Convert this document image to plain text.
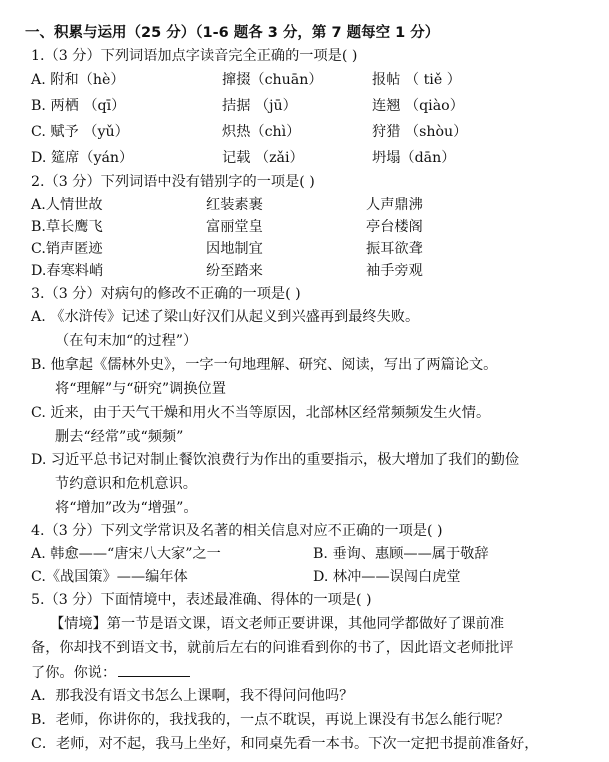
一、积累与运用（25 分）（1-6 题各 3 分，第 7 题每空 1 分）
1.（3 分）下列词语加点字读音完全正确的一项是( )
A. 附和（hè）	撺掇（chuān）	报帖 （ tiě ）
B. 两栖 （qī）	拮据 （jū）	连翘 （qiào）
C. 赋予 （yǔ）	炽热（chì）	狩猎 （shòu）
D. 筵席（yán）	记载 （zǎi）	坍塌（dān）
2.（3 分）下列词语中没有错别字的一项是( )
A.人情世故	红装素裹	人声鼎沸
B.草长鹰飞	富丽堂皇	亭台楼阁
C.销声匿迹	因地制宜	振耳欲聋
D.春寒料峭	纷至踏来	袖手旁观
3.（3 分）对病句的修改不正确的一项是( )
A. 《水浒传》记述了梁山好汉们从起义到兴盛再到最终失败。
（在句末加“的过程”）
B. 他拿起《儒林外史》，一字一句地理解、研究、阅读，写出了两篇论文。
将“理解”与“研究”调换位置
C. 近来，由于天气干燥和用火不当等原因，北部林区经常频频发生火情。
删去“经常”或“频频”
D. 习近平总书记对制止餐饮浪费行为作出的重要指示，极大增加了我们的勤俭
节约意识和危机意识。
将“增加”改为“增强”。
4.（3 分）下列文学常识及名著的相关信息对应不正确的一项是( )
A. 韩愈——“唐宋八大家”之一	B. 垂询、惠顾——属于敬辞
C.《战国策》——编年体	D. 林冲——误闯白虎堂
5.（3 分）下面情境中，表述最准确、得体的一项是( )
【情境】第一节是语文课，语文老师正要讲课，其他同学都做好了课前准
备，你却找不到语文书，就前后左右的问谁看到你的书了，因此语文老师批评
了你。你说：
A．那我没有语文书怎么上课啊，我不得问问他吗？
B．老师，你讲你的，我找我的，一点不耽误，再说上课没有书怎么能行呢？
C．老师，对不起，我马上坐好，和同桌先看一本书。下次一定把书提前准备好，
